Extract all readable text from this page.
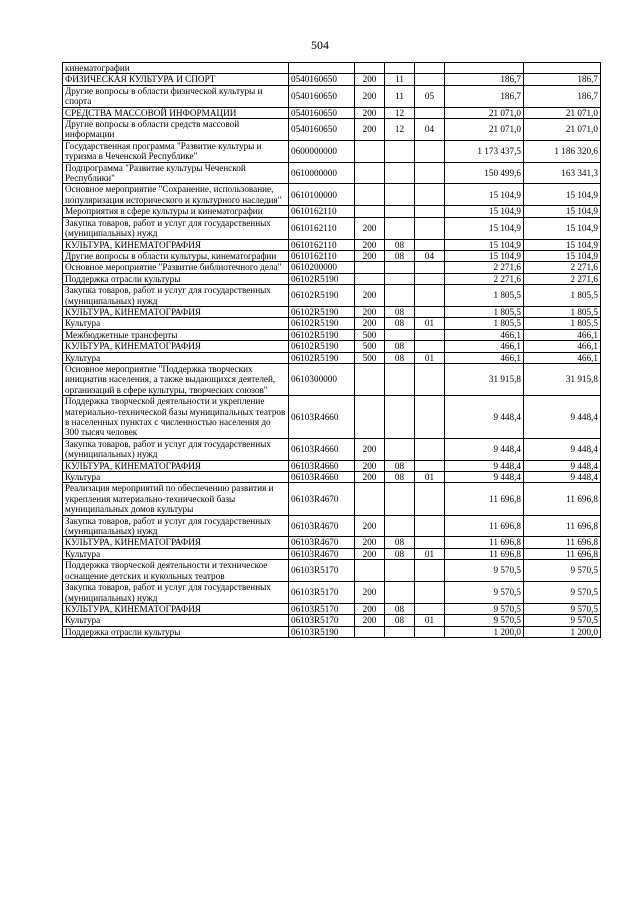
504
кинематографии						
ФИЗИЧЕСКАЯ КУЛЬТУРА И СПОРТ	0540160650	200	11		186,7	186,7
Другие вопросы в области физической культуры и спорта	0540160650	200	11	05	186,7	186,7
СРЕДСТВА МАССОВОЙ ИНФОРМАЦИИ	0540160650	200	12		21 071,0	21 071,0
Другие вопросы в области средств массовой информации	0540160650	200	12	04	21 071,0	21 071,0
Государственная программа "Развитие культуры и туризма в Чеченской Республике"	0600000000				1 173 437,5	1 186 320,6
Подпрограмма "Развитие культуры Чеченской Республики"	0610000000				150 499,6	163 341,3
Основное мероприятие "Сохранение, использование, популяризация исторического и культурного наследия"	0610100000				15 104,9	15 104,9
Мероприятия в сфере культуры и кинематографии	0610162110				15 104,9	15 104,9
Закупка товаров, работ и услуг для государственных (муниципальных) нужд	0610162110	200			15 104,9	15 104,9
КУЛЬТУРА, КИНЕМАТОГРАФИЯ	0610162110	200	08		15 104,9	15 104,9
Другие вопросы в области культуры, кинематографии	0610162110	200	08	04	15 104,9	15 104,9
Основное мероприятие "Развитие библиотечного дела"	0610200000				2 271,6	2 271,6
Поддержка отрасли культуры	06102R5190				2 271,6	2 271,6
Закупка товаров, работ и услуг для государственных (муниципальных) нужд	06102R5190	200			1 805,5	1 805,5
КУЛЬТУРА, КИНЕМАТОГРАФИЯ	06102R5190	200	08		1 805,5	1 805,5
Культура	06102R5190	200	08	01	1 805,5	1 805,5
Межбюджетные трансферты	06102R5190	500			466,1	466,1
КУЛЬТУРА, КИНЕМАТОГРАФИЯ	06102R5190	500	08		466,1	466,1
Культура	06102R5190	500	08	01	466,1	466,1
Основное мероприятие "Поддержка творческих инициатив населения, а также выдающихся деятелей, организаций в сфере культуры, творческих союзов"	0610300000				31 915,8	31 915,8
Поддержка творческой деятельности и укрепление материально-технической базы муниципальных театров в населенных пунктах с численностью населения до 300 тысяч человек	06103R4660				9 448,4	9 448,4
Закупка товаров, работ и услуг для государственных (муниципальных) нужд	06103R4660	200			9 448,4	9 448,4
КУЛЬТУРА, КИНЕМАТОГРАФИЯ	06103R4660	200	08		9 448,4	9 448,4
Культура	06103R4660	200	08	01	9 448,4	9 448,4
Реализация мероприятий по обеспечению развития и укрепления материально-технической базы муниципальных домов культуры	06103R4670				11 696,8	11 696,8
Закупка товаров, работ и услуг для государственных (муниципальных) нужд	06103R4670	200			11 696,8	11 696,8
КУЛЬТУРА, КИНЕМАТОГРАФИЯ	06103R4670	200	08		11 696,8	11 696,8
Культура	06103R4670	200	08	01	11 696,8	11 696,8
Поддержка творческой деятельности и техническое оснащение детских и кукольных театров	06103R5170				9 570,5	9 570,5
Закупка товаров, работ и услуг для государственных (муниципальных) нужд	06103R5170	200			9 570,5	9 570,5
КУЛЬТУРА, КИНЕМАТОГРАФИЯ	06103R5170	200	08		9 570,5	9 570,5
Культура	06103R5170	200	08	01	9 570,5	9 570,5
Поддержка отрасли культуры	06103R5190				1 200,0	1 200,0
